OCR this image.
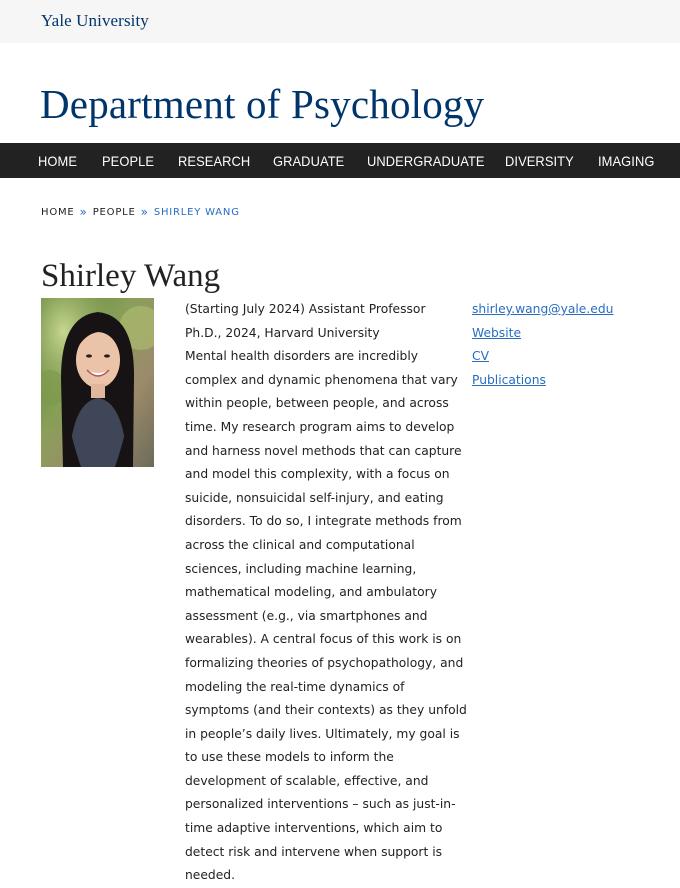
Yale University
Department of Psychology
HOME PEOPLE RESEARCH GRADUATE UNDERGRADUATE DIVERSITY IMAGING
HOME » PEOPLE » SHIRLEY WANG
Shirley Wang
(Starting July 2024) Assistant Professor
Ph.D., 2024, Harvard University

Mental health disorders are incredibly complex and dynamic phenomena that vary within people, between people, and across time. My research program aims to develop and harness novel methods that can capture and model this complexity, with a focus on suicide, nonsuicidal self-injury, and eating disorders. To do so, I integrate methods from across the clinical and computational sciences, including machine learning, mathematical modeling, and ambulatory assessment (e.g., via smartphones and wearables). A central focus of this work is on formalizing theories of psychopathology, and modeling the real-time dynamics of symptoms (and their contexts) as they unfold in people’s daily lives. Ultimately, my goal is to use these models to inform the development of scalable, effective, and personalized interventions – such as just-in-time adaptive interventions, which aim to detect risk and intervene when support is needed.

shirley.wang@yale.edu
Website
CV
Publications
